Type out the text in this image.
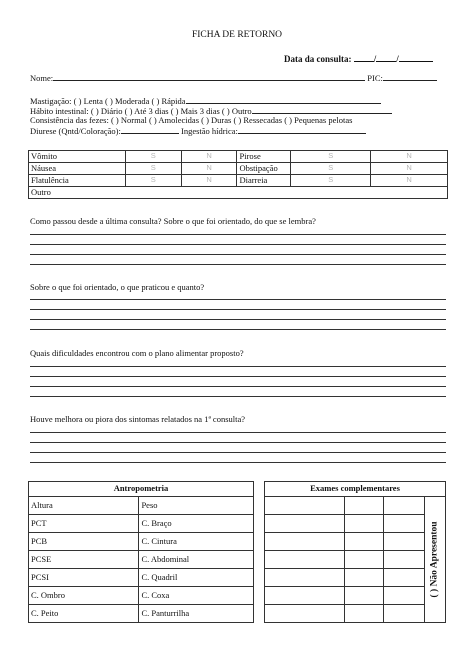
FICHA DE RETORNO
Data da consulta: / /
Nome:	PIC:
Mastigação: ( ) Lenta ( ) Moderada ( ) Rápida
Hábito intestinal: ( ) Diário ( ) Até 3 dias ( ) Mais 3 dias ( ) Outro
Consistência das fezes: ( ) Normal ( ) Amolecidas ( ) Duras ( ) Ressecadas ( ) Pequenas pelotas
Diurese (Qntd/Coloração):	Ingestão hídrica:
Vômito	S	N	Pirose	S	N
Náusea	S	N	Obstipação	S	N
Flatulência	S	N	Diarreia	S	N
Outro					
Como passou desde a última consulta? Sobre o que foi orientado, do que se lembra?
Sobre o que foi orientado, o que praticou e quanto?
Quais dificuldades encontrou com o plano alimentar proposto?
Houve melhora ou piora dos sintomas relatados na 1ª consulta?
Antropometria	
Altura	Peso
PCT	C. Braço
PCB	C. Cintura
PCSE	C. Abdominal
PCSI	C. Quadril
C. Ombro	C. Coxa
C. Peito	C. Panturrilha
Exames complementares			

( ) Não Apresentou
